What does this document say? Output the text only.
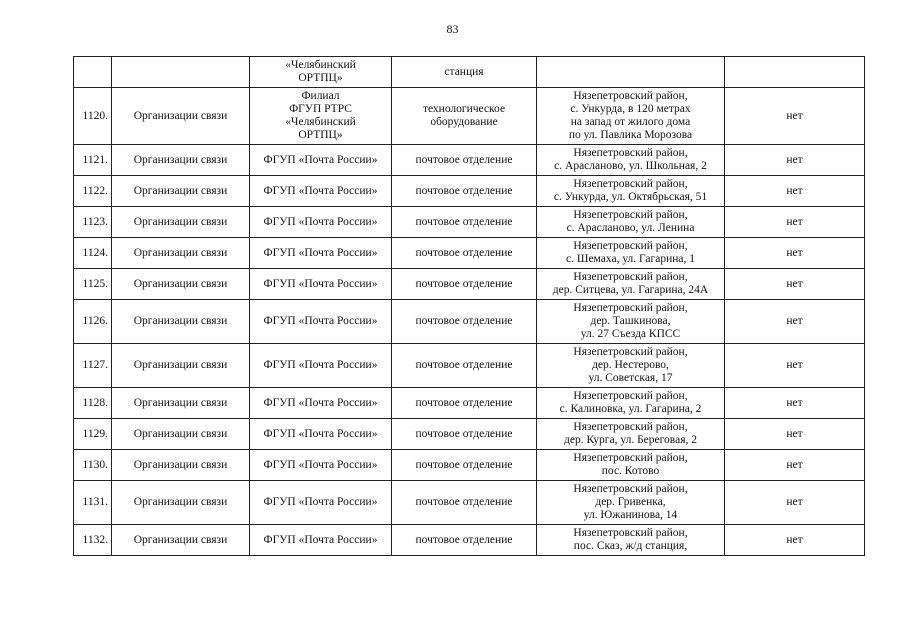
83
		«Челябинский
ОРТПЦ»	станция		
1120.	Организации связи	Филиал
ФГУП РТРС
«Челябинский
ОРТПЦ»	технологическое
оборудование	Нязепетровский район,
с. Ункурда, в 120 метрах
на запад от жилого дома
по ул. Павлика Морозова	нет
1121.	Организации связи	ФГУП «Почта России»	почтовое отделение	Нязепетровский район,
с. Арасланово, ул. Школьная, 2	нет
1122.	Организации связи	ФГУП «Почта России»	почтовое отделение	Нязепетровский район,
с. Ункурда, ул. Октябрьская, 51	нет
1123.	Организации связи	ФГУП «Почта России»	почтовое отделение	Нязепетровский район,
с. Арасланово, ул. Ленина	нет
1124.	Организации связи	ФГУП «Почта России»	почтовое отделение	Нязепетровский район,
с. Шемаха, ул. Гагарина, 1	нет
1125.	Организации связи	ФГУП «Почта России»	почтовое отделение	Нязепетровский район,
дер. Ситцева, ул. Гагарина, 24А	нет
1126.	Организации связи	ФГУП «Почта России»	почтовое отделение	Нязепетровский район,
дер. Ташкинова,
ул. 27 Съезда КПСС	нет
1127.	Организации связи	ФГУП «Почта России»	почтовое отделение	Нязепетровский район,
дер. Нестерово,
ул. Советская, 17	нет
1128.	Организации связи	ФГУП «Почта России»	почтовое отделение	Нязепетровский район,
с. Калиновка, ул. Гагарина, 2	нет
1129.	Организации связи	ФГУП «Почта России»	почтовое отделение	Нязепетровский район,
дер. Курга, ул. Береговая, 2	нет
1130.	Организации связи	ФГУП «Почта России»	почтовое отделение	Нязепетровский район,
пос. Котово	нет
1131.	Организации связи	ФГУП «Почта России»	почтовое отделение	Нязепетровский район,
дер. Гривенка,
ул. Южанинова, 14	нет
1132.	Организации связи	ФГУП «Почта России»	почтовое отделение	Нязепетровский район,
пос. Сказ, ж/д станция,	нет
